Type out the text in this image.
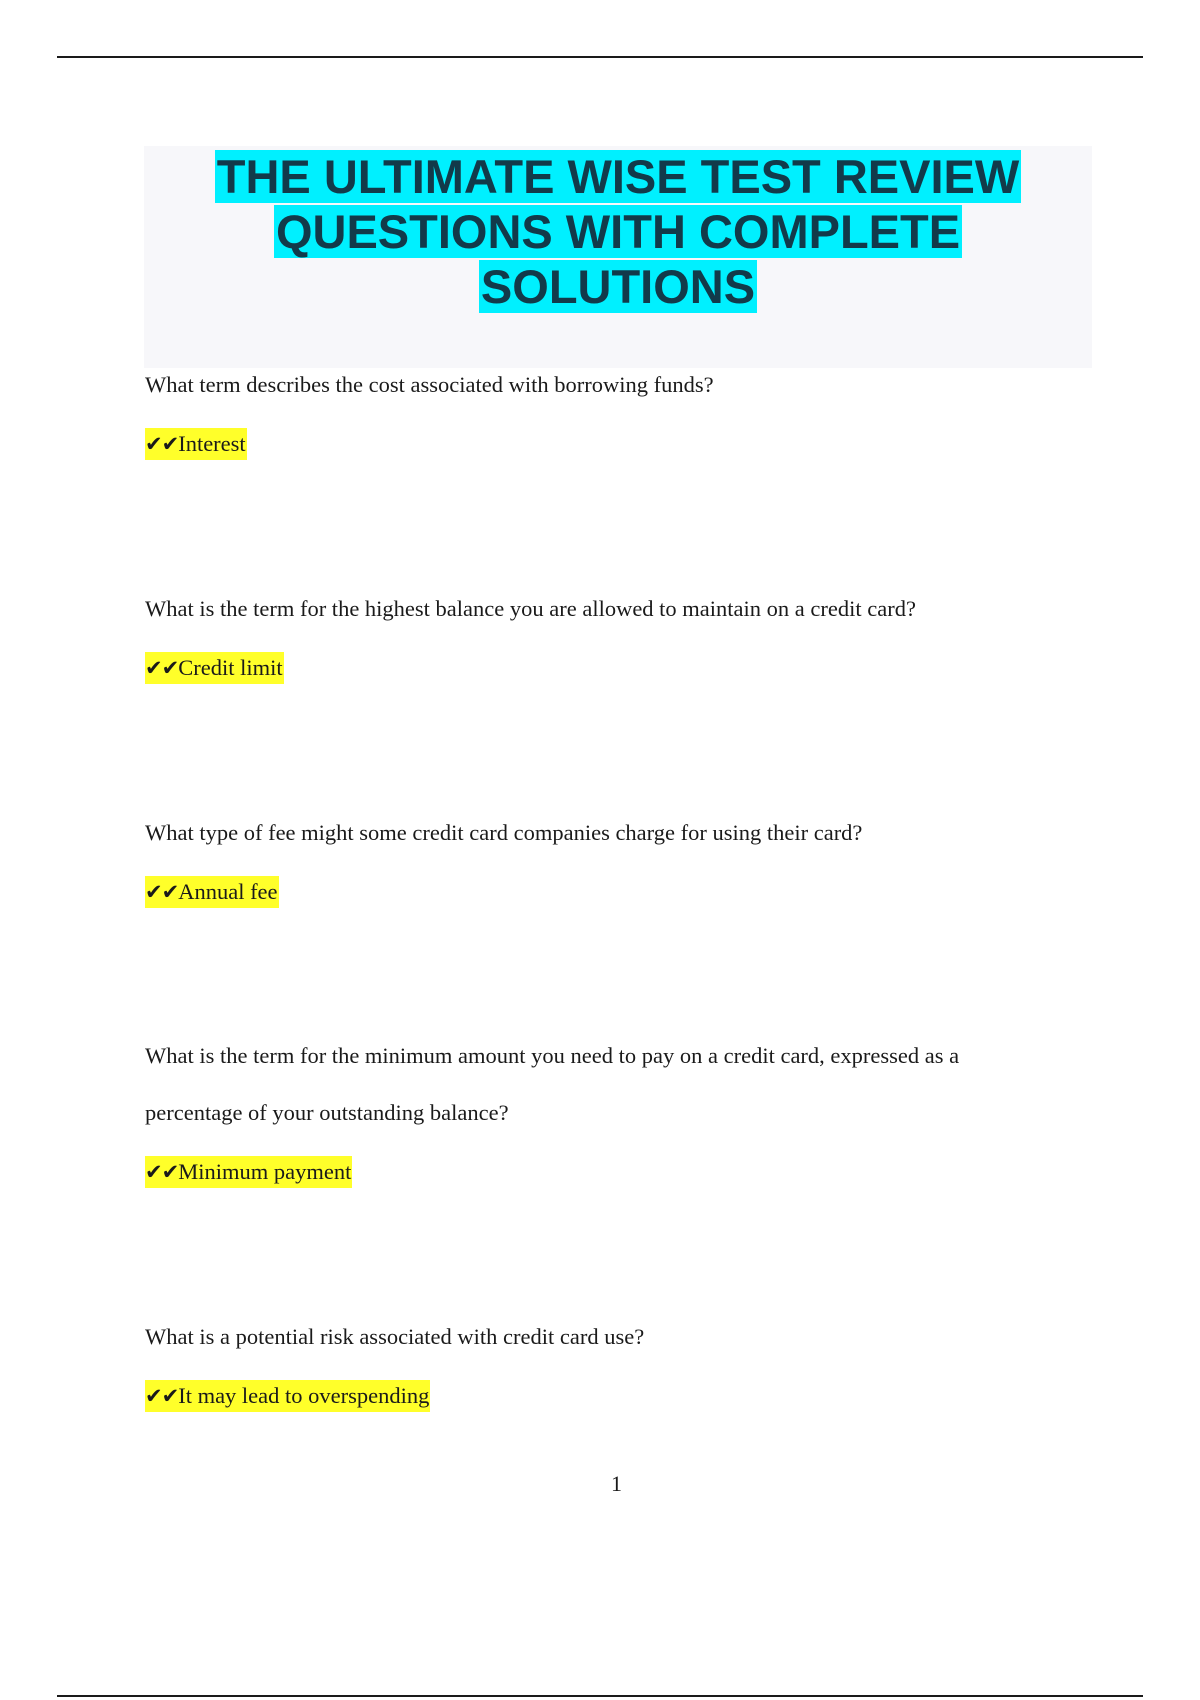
THE ULTIMATE WISE TEST REVIEW QUESTIONS WITH COMPLETE SOLUTIONS

What term describes the cost associated with borrowing funds?

✔✔Interest

What is the term for the highest balance you are allowed to maintain on a credit card?

✔✔Credit limit

What type of fee might some credit card companies charge for using their card?

✔✔Annual fee

What is the term for the minimum amount you need to pay on a credit card, expressed as a percentage of your outstanding balance?

✔✔Minimum payment

What is a potential risk associated with credit card use?

✔✔It may lead to overspending
1
